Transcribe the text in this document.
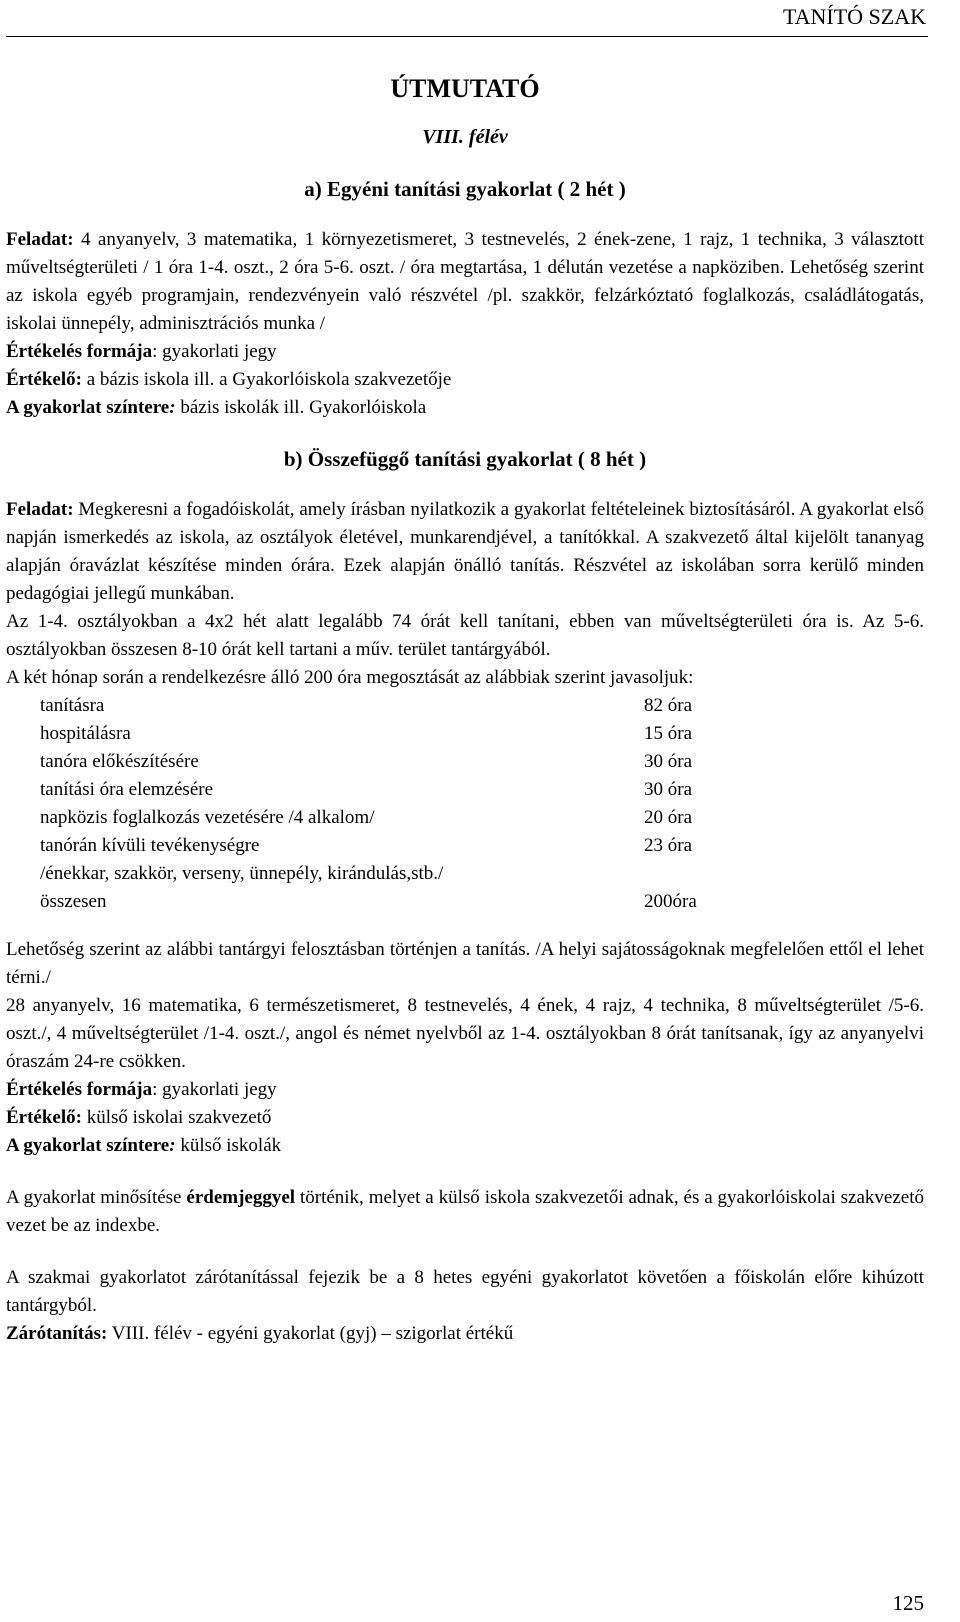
TANÍTÓ SZAK
ÚTMUTATÓ
VIII. félév
a) Egyéni tanítási gyakorlat ( 2 hét )

Feladat: 4 anyanyelv, 3 matematika, 1 környezetismeret, 3 testnevelés, 2 ének-zene, 1 rajz, 1 technika, 3 választott műveltségterületi / 1 óra 1-4. oszt., 2 óra 5-6. oszt. / óra megtartása, 1 délután vezetése a napköziben. Lehetőség szerint az iskola egyéb programjain, rendezvényein való részvétel /pl. szakkör, felzárkóztató foglalkozás, családlátogatás, iskolai ünnepély, adminisztrációs munka /

Értékelés formája: gyakorlati jegy

Értékelő: a bázis iskola ill. a Gyakorlóiskola szakvezetője

A gyakorlat színtere: bázis iskolák ill. Gyakorlóiskola

b) Összefüggő tanítási gyakorlat ( 8 hét )

Feladat: Megkeresni a fogadóiskolát, amely írásban nyilatkozik a gyakorlat feltételeinek biztosításáról. A gyakorlat első napján ismerkedés az iskola, az osztályok életével, munkarendjével, a tanítókkal. A szakvezető által kijelölt tananyag alapján óravázlat készítése minden órára. Ezek alapján önálló tanítás. Részvétel az iskolában sorra kerülő minden pedagógiai jellegű munkában.

Az 1-4. osztályokban a 4x2 hét alatt legalább 74 órát kell tanítani, ebben van műveltségterületi óra is. Az 5-6. osztályokban összesen 8-10 órát kell tartani a műv. terület tantárgyából.

A két hónap során a rendelkezésre álló 200 óra megosztását az alábbiak szerint javasoljuk:

tanításra	82 óra
hospitálásra	15 óra
tanóra előkészítésére	30 óra
tanítási óra elemzésére	30 óra
napközis foglalkozás vezetésére /4 alkalom/	20 óra
tanórán kívüli tevékenységre	23 óra
/énekkar, szakkör, verseny, ünnepély, kirándulás,stb./
összesen	200óra

Lehetőség szerint az alábbi tantárgyi felosztásban történjen a tanítás. /A helyi sajátosságoknak megfelelően ettől el lehet térni./

28 anyanyelv, 16 matematika, 6 természetismeret, 8 testnevelés, 4 ének, 4 rajz, 4 technika, 8 műveltségterület /5-6. oszt./, 4 műveltségterület /1-4. oszt./, angol és német nyelvből az 1-4. osztályokban 8 órát tanítsanak, így az anyanyelvi óraszám 24-re csökken.

Értékelés formája: gyakorlati jegy

Értékelő: külső iskolai szakvezető

A gyakorlat színtere: külső iskolák

A gyakorlat minősítése érdemjeggyel történik, melyet a külső iskola szakvezetői adnak, és a gyakorlóiskolai szakvezető vezet be az indexbe.

A szakmai gyakorlatot zárótanítással fejezik be a 8 hetes egyéni gyakorlatot követően a főiskolán előre kihúzott tantárgyból.

Zárótanítás: VIII. félév - egyéni gyakorlat (gyj) – szigorlat értékű

125
